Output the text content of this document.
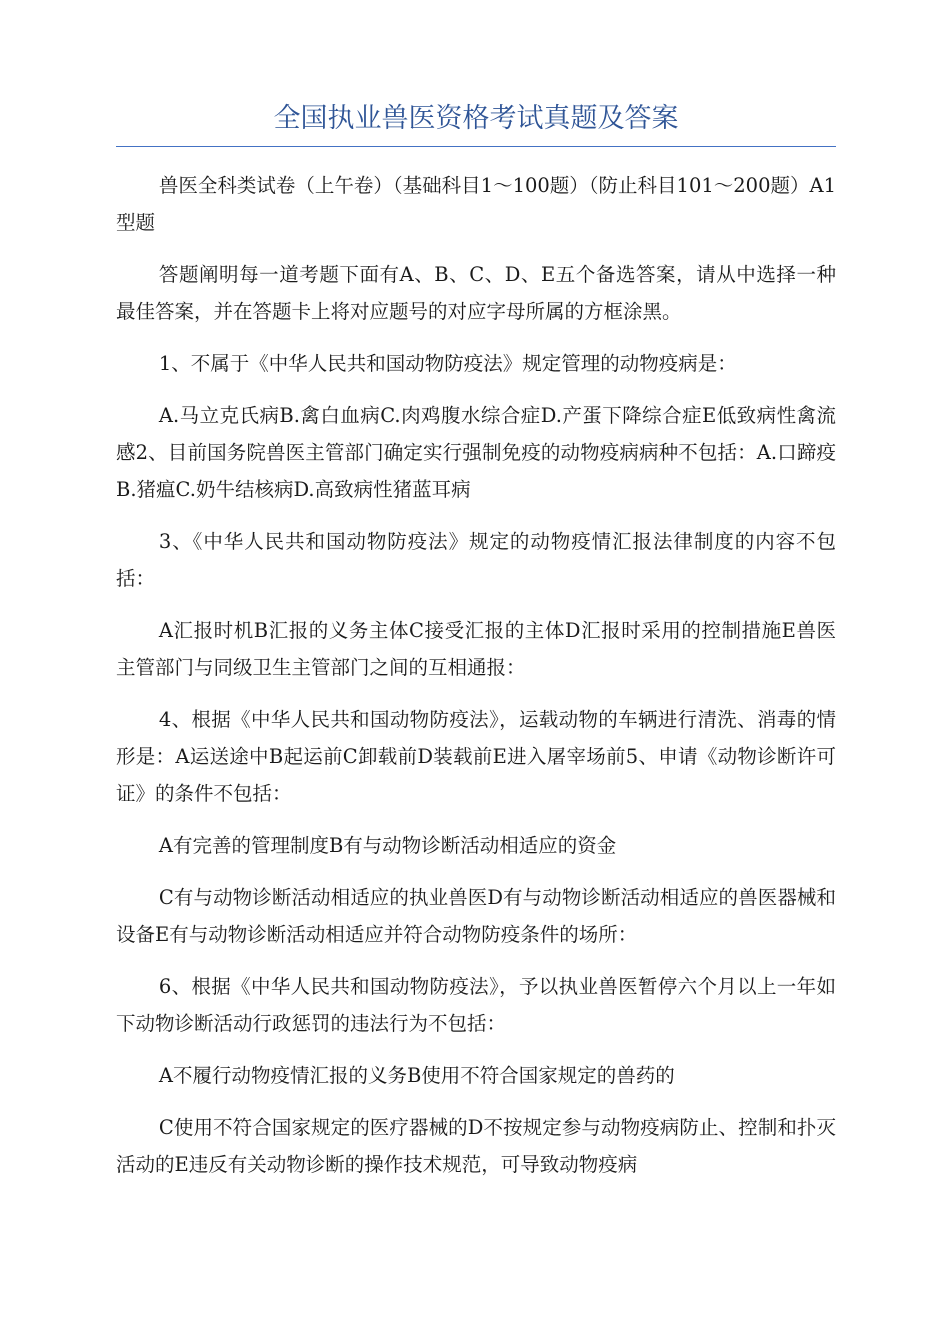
全国执业兽医资格考试真题及答案

兽医全科类试卷（上午卷）（基础科目1～100题）（防止科目101～200题）A1型题

答题阐明每一道考题下面有A、B、C、D、E五个备选答案，请从中选择一种最佳答案，并在答题卡上将对应题号的对应字母所属的方框涂黑。

1、不属于《中华人民共和国动物防疫法》规定管理的动物疫病是：

A.马立克氏病B.禽白血病C.肉鸡腹水综合症D.产蛋下降综合症E低致病性禽流感2、目前国务院兽医主管部门确定实行强制免疫的动物疫病病种不包括：A.口蹄疫B.猪瘟C.奶牛结核病D.高致病性猪蓝耳病

3、《中华人民共和国动物防疫法》规定的动物疫情汇报法律制度的内容不包括：

A汇报时机B汇报的义务主体C接受汇报的主体D汇报时采用的控制措施E兽医主管部门与同级卫生主管部门之间的互相通报：

4、根据《中华人民共和国动物防疫法》，运载动物的车辆进行清洗、消毒的情形是：A运送途中B起运前C卸载前D装载前E进入屠宰场前5、申请《动物诊断许可证》的条件不包括：

A有完善的管理制度B有与动物诊断活动相适应的资金

C有与动物诊断活动相适应的执业兽医D有与动物诊断活动相适应的兽医器械和设备E有与动物诊断活动相适应并符合动物防疫条件的场所：

6、根据《中华人民共和国动物防疫法》，予以执业兽医暂停六个月以上一年如下动物诊断活动行政惩罚的违法行为不包括：

A不履行动物疫情汇报的义务B使用不符合国家规定的兽药的

C使用不符合国家规定的医疗器械的D不按规定参与动物疫病防止、控制和扑灭活动的E违反有关动物诊断的操作技术规范，可导致动物疫病
